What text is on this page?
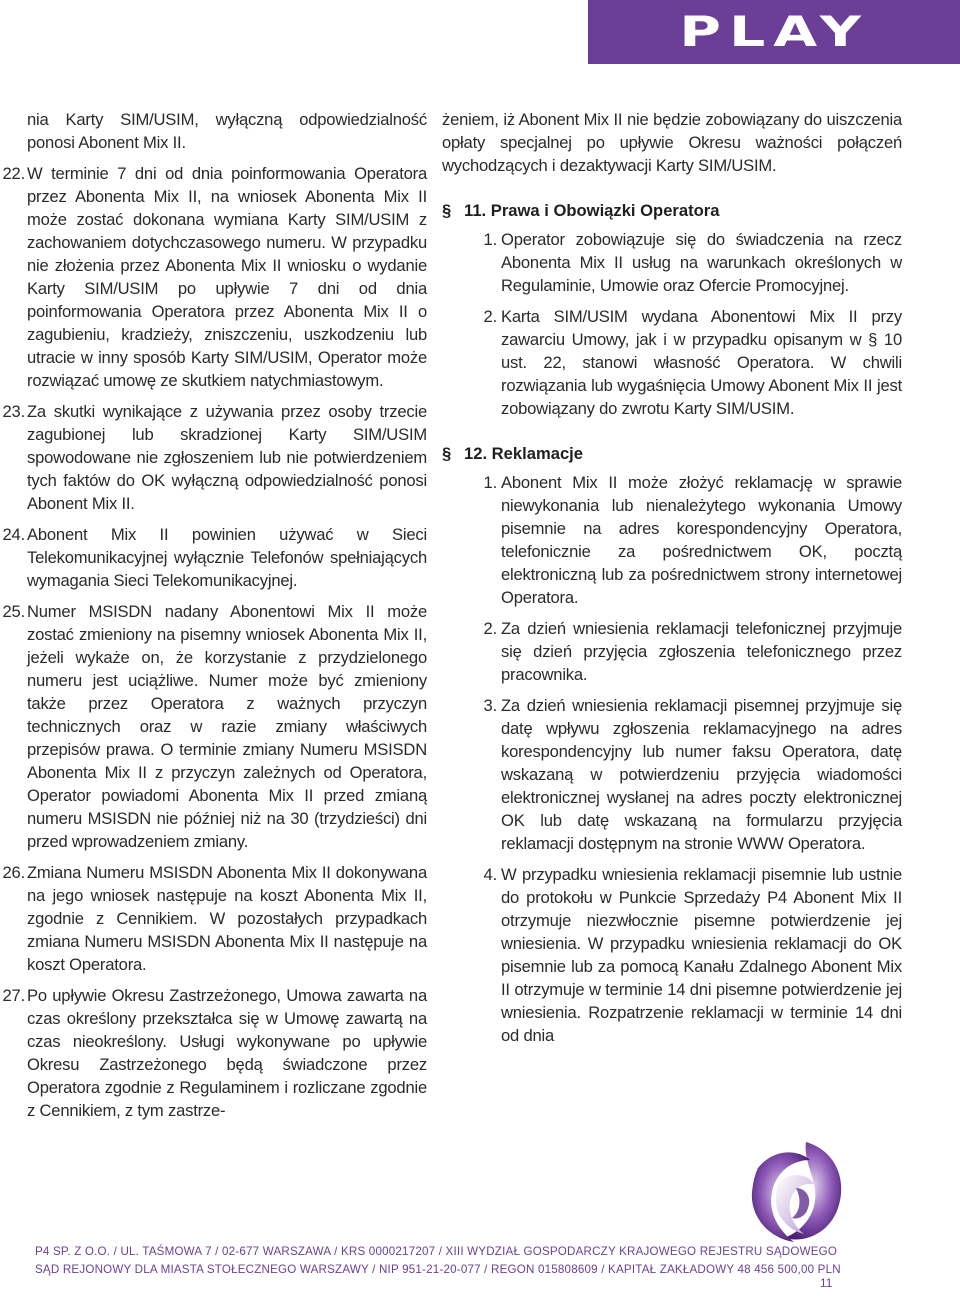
PLAY

nia Karty SIM/USIM, wyłączną odpowiedzialność ponosi Abonent Mix II.

22. W terminie 7 dni od dnia poinformowania Operatora przez Abonenta Mix II, na wniosek Abonenta Mix II może zostać dokonana wymiana Karty SIM/USIM z zachowaniem dotychczasowego numeru. W przypadku nie złożenia przez Abonenta Mix II wniosku o wydanie Karty SIM/USIM po upływie 7 dni od dnia poinformowania Operatora przez Abonenta Mix II o zagubieniu, kradzieży, zniszczeniu, uszkodzeniu lub utracie w inny sposób Karty SIM/USIM, Operator może rozwiązać umowę ze skutkiem natychmiastowym.
23. Za skutki wynikające z używania przez osoby trzecie zagubionej lub skradzionej Karty SIM/USIM spowodowane nie zgłoszeniem lub nie potwierdzeniem tych faktów do OK wyłączną odpowiedzialność ponosi Abonent Mix II.
24. Abonent Mix II powinien używać w Sieci Telekomunikacyjnej wyłącznie Telefonów spełniających wymagania Sieci Telekomunikacyjnej.
25. Numer MSISDN nadany Abonentowi Mix II może zostać zmieniony na pisemny wniosek Abonenta Mix II, jeżeli wykaże on, że korzystanie z przydzielonego numeru jest uciążliwe. Numer może być zmieniony także przez Operatora z ważnych przyczyn technicznych oraz w razie zmiany właściwych przepisów prawa. O terminie zmiany Numeru MSISDN Abonenta Mix II z przyczyn zależnych od Operatora, Operator powiadomi Abonenta Mix II przed zmianą numeru MSISDN nie później niż na 30 (trzydzieści) dni przed wprowadzeniem zmiany.
26. Zmiana Numeru MSISDN Abonenta Mix II dokonywana na jego wniosek następuje na koszt Abonenta Mix II, zgodnie z Cennikiem. W pozostałych przypadkach zmiana Numeru MSISDN Abonenta Mix II następuje na koszt Operatora.
27. Po upływie Okresu Zastrzeżonego, Umowa zawarta na czas określony przekształca się w Umowę zawartą na czas nieokreślony. Usługi wykonywane po upływie Okresu Zastrzeżonego będą świadczone przez Operatora zgodnie z Regulaminem i rozliczane zgodnie z Cennikiem, z tym zastrze-

żeniem, iż Abonent Mix II nie będzie zobowiązany do uiszczenia opłaty specjalnej po upływie Okresu ważności połączeń wychodzących i dezaktywacji Karty SIM/USIM.

§ 11. Prawa i Obowiązki Operatora
1. Operator zobowiązuje się do świadczenia na rzecz Abonenta Mix II usług na warunkach określonych w Regulaminie, Umowie oraz Ofercie Promocyjnej.
2. Karta SIM/USIM wydana Abonentowi Mix II przy zawarciu Umowy, jak i w przypadku opisanym w § 10 ust. 22, stanowi własność Operatora. W chwili rozwiązania lub wygaśnięcia Umowy Abonent Mix II jest zobowiązany do zwrotu Karty SIM/USIM.
§ 12. Reklamacje
1. Abonent Mix II może złożyć reklamację w sprawie niewykonania lub nienależytego wykonania Umowy pisemnie na adres korespondencyjny Operatora, telefonicznie za pośrednictwem OK, pocztą elektroniczną lub za pośrednictwem strony internetowej Operatora.
2. Za dzień wniesienia reklamacji telefonicznej przyjmuje się dzień przyjęcia zgłoszenia telefonicznego przez pracownika.
3. Za dzień wniesienia reklamacji pisemnej przyjmuje się datę wpływu zgłoszenia reklamacyjnego na adres korespondencyjny lub numer faksu Operatora, datę wskazaną w potwierdzeniu przyjęcia wiadomości elektronicznej wysłanej na adres poczty elektronicznej OK lub datę wskazaną na formularzu przyjęcia reklamacji dostępnym na stronie WWW Operatora.
4. W przypadku wniesienia reklamacji pisemnie lub ustnie do protokołu w Punkcie Sprzedaży P4 Abonent Mix II otrzymuje niezwłocznie pisemne potwierdzenie jej wniesienia. W przypadku wniesienia reklamacji do OK pisemnie lub za pomocą Kanału Zdalnego Abonent Mix II otrzymuje w terminie 14 dni pisemne potwierdzenie jej wniesienia. Rozpatrzenie reklamacji w terminie 14 dni od dnia
P4 SP. Z O.O. / UL. TAŚMOWA 7 / 02-677 WARSZAWA / KRS 0000217207 / XIII WYDZIAŁ GOSPODARCZY KRAJOWEGO REJESTRU SĄDOWEGO
SĄD REJONOWY DLA MIASTA STOŁECZNEGO WARSZAWY / NIP 951-21-20-077 / REGON 015808609 / KAPITAŁ ZAKŁADOWY 48 456 500,00 PLN
11
